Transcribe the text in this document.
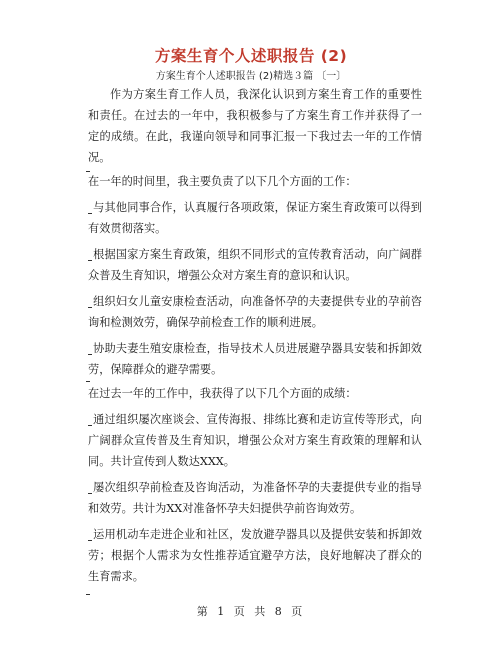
方案生育个人述职报告 (2)
方案生育个人述职报告 (2)精选３篇 〔一〕

作为方案生育工作人员，我深化认识到方案生育工作的重要性和责任。在过去的一年中，我积极参与了方案生育工作并获得了一定的成绩。在此，我谨向领导和同事汇报一下我过去一年的工作情况。

在一年的时间里，我主要负责了以下几个方面的工作：

与其他同事合作，认真履行各项政策，保证方案生育政策可以得到有效贯彻落实。

根据国家方案生育政策，组织不同形式的宣传教育活动，向广阔群众普及生育知识，增强公众对方案生育的意识和认识。

组织妇女儿童安康检查活动，向准备怀孕的夫妻提供专业的孕前咨询和检测效劳，确保孕前检查工作的顺利进展。

协助夫妻生殖安康检查，指导技术人员进展避孕器具安装和拆卸效劳，保障群众的避孕需要。

在过去一年的工作中，我获得了以下几个方面的成绩：

通过组织屡次座谈会、宣传海报、排练比赛和走访宣传等形式，向广阔群众宣传普及生育知识，增强公众对方案生育政策的理解和认同。共计宣传到人数达XXX。

屡次组织孕前检查及咨询活动，为准备怀孕的夫妻提供专业的指导和效劳。共计为XX对准备怀孕夫妇提供孕前咨询效劳。

运用机动车走进企业和社区，发放避孕器具以及提供安装和拆卸效劳；根据个人需求为女性推荐适宜避孕方法，良好地解决了群众的生育需求。

第 1 页 共 8 页
